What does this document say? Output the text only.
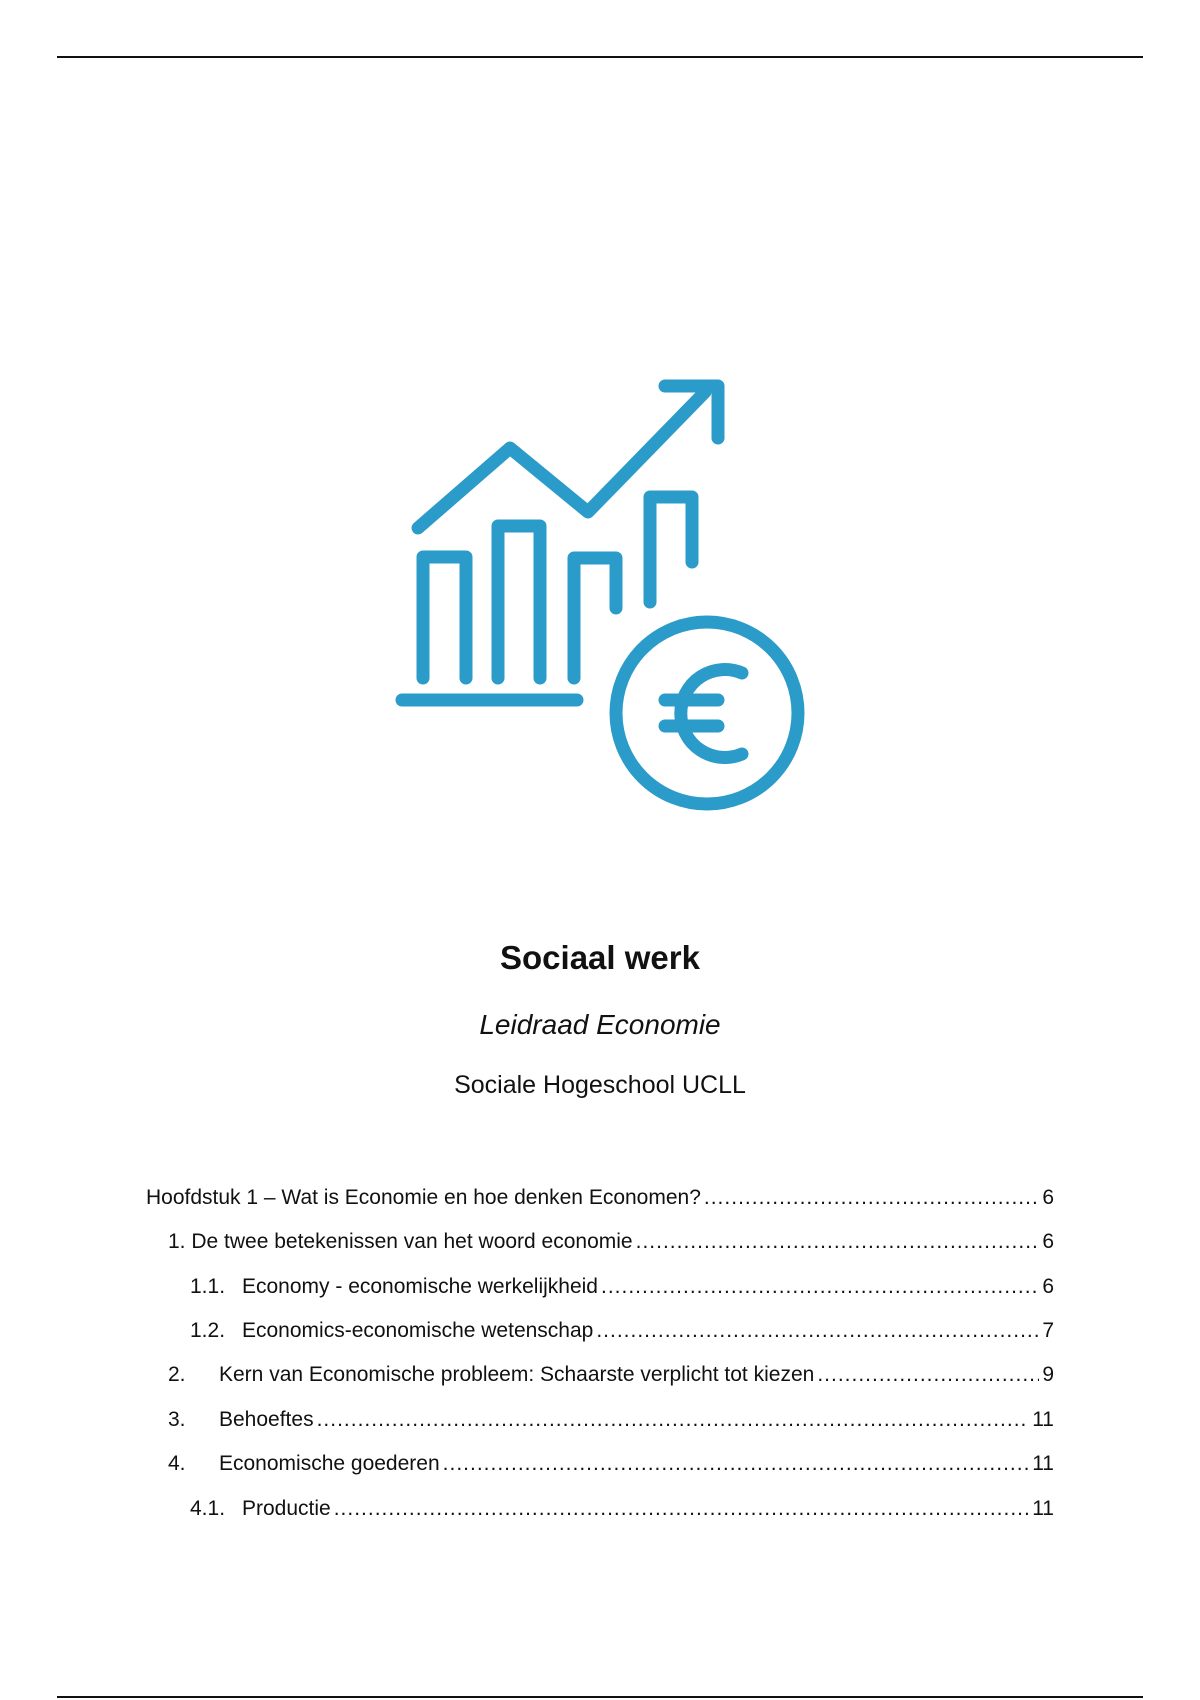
Sociaal werk
Leidraad Economie
Sociale Hogeschool UCLL
Hoofdstuk 1 – Wat is Economie en hoe denken Economen? .....	6
1. De twee betekenissen van het woord economie .....	6
1.1. Economy - economische werkelijkheid .....	6
1.2. Economics-economische wetenschap .....	7
2.	Kern van Economische probleem: Schaarste verplicht tot kiezen .....	9
3.	Behoeftes .....	11
4.	Economische goederen .....	11
4.1. Productie .....	11
